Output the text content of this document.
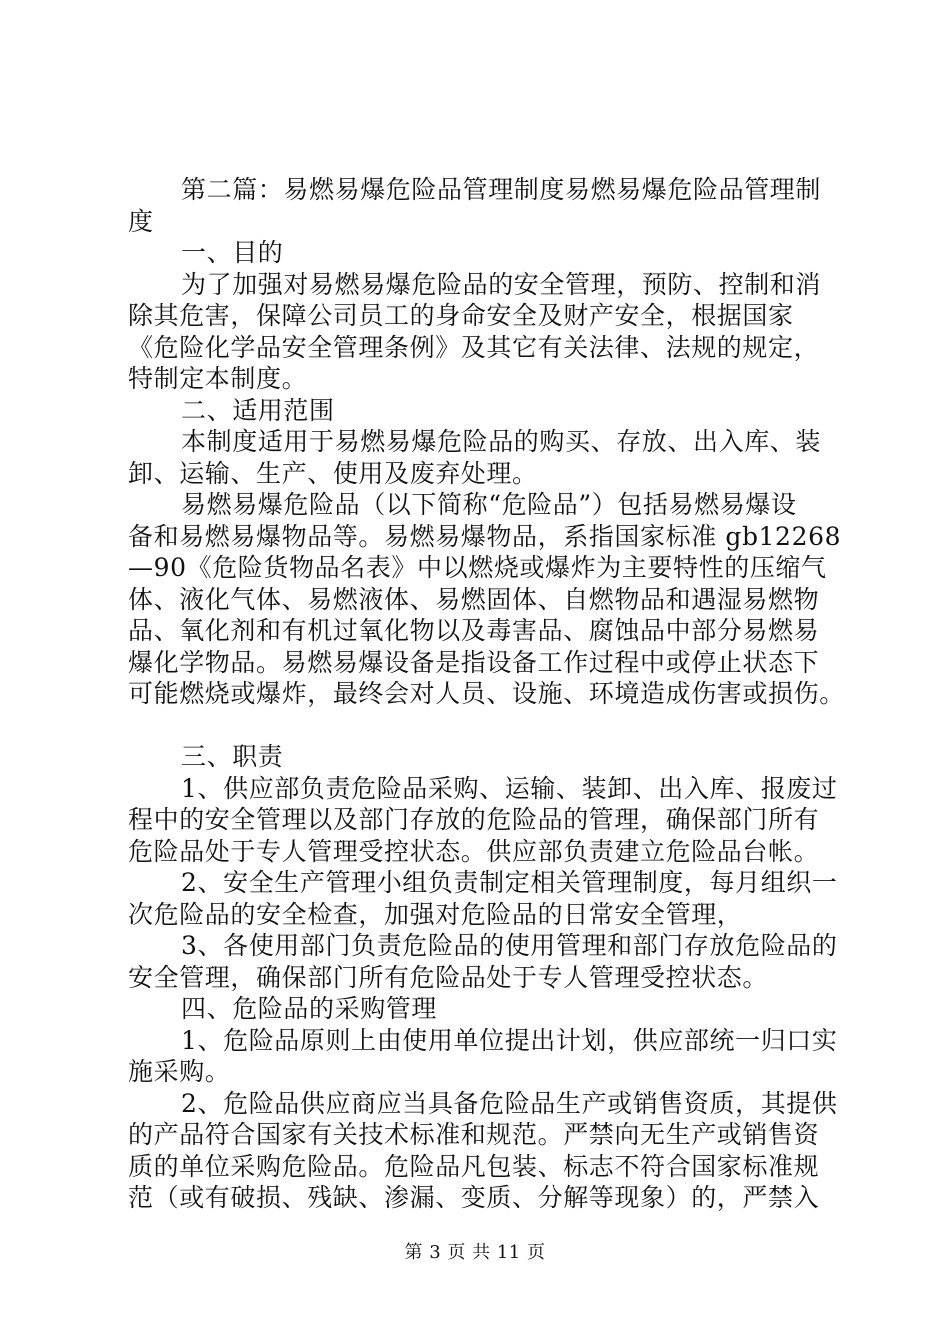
第二篇：易燃易爆危险品管理制度易燃易爆危险品管理制
度
一、目的
为了加强对易燃易爆危险品的安全管理，预防、控制和消
除其危害，保障公司员工的身命安全及财产安全，根据国家
《危险化学品安全管理条例》及其它有关法律、法规的规定，
特制定本制度。
二、适用范围
本制度适用于易燃易爆危险品的购买、存放、出入库、装
卸、运输、生产、使用及废弃处理。
易燃易爆危险品（以下简称“危险品”）包括易燃易爆设
备和易燃易爆物品等。易燃易爆物品，系指国家标准 gb12268
—90《危险货物品名表》中以燃烧或爆炸为主要特性的压缩气
体、液化气体、易燃液体、易燃固体、自燃物品和遇湿易燃物
品、氧化剂和有机过氧化物以及毒害品、腐蚀品中部分易燃易
爆化学物品。易燃易爆设备是指设备工作过程中或停止状态下
可能燃烧或爆炸，最终会对人员、设施、环境造成伤害或损伤。
三、职责
1、供应部负责危险品采购、运输、装卸、出入库、报废过
程中的安全管理以及部门存放的危险品的管理，确保部门所有
危险品处于专人管理受控状态。供应部负责建立危险品台帐。
2、安全生产管理小组负责制定相关管理制度，每月组织一
次危险品的安全检查，加强对危险品的日常安全管理，
3、各使用部门负责危险品的使用管理和部门存放危险品的
安全管理，确保部门所有危险品处于专人管理受控状态。
四、危险品的采购管理
1、危险品原则上由使用单位提出计划，供应部统一归口实
施采购。
2、危险品供应商应当具备危险品生产或销售资质，其提供
的产品符合国家有关技术标准和规范。严禁向无生产或销售资
质的单位采购危险品。危险品凡包装、标志不符合国家标准规
范（或有破损、残缺、渗漏、变质、分解等现象）的，严禁入
第 3 页 共 11 页
